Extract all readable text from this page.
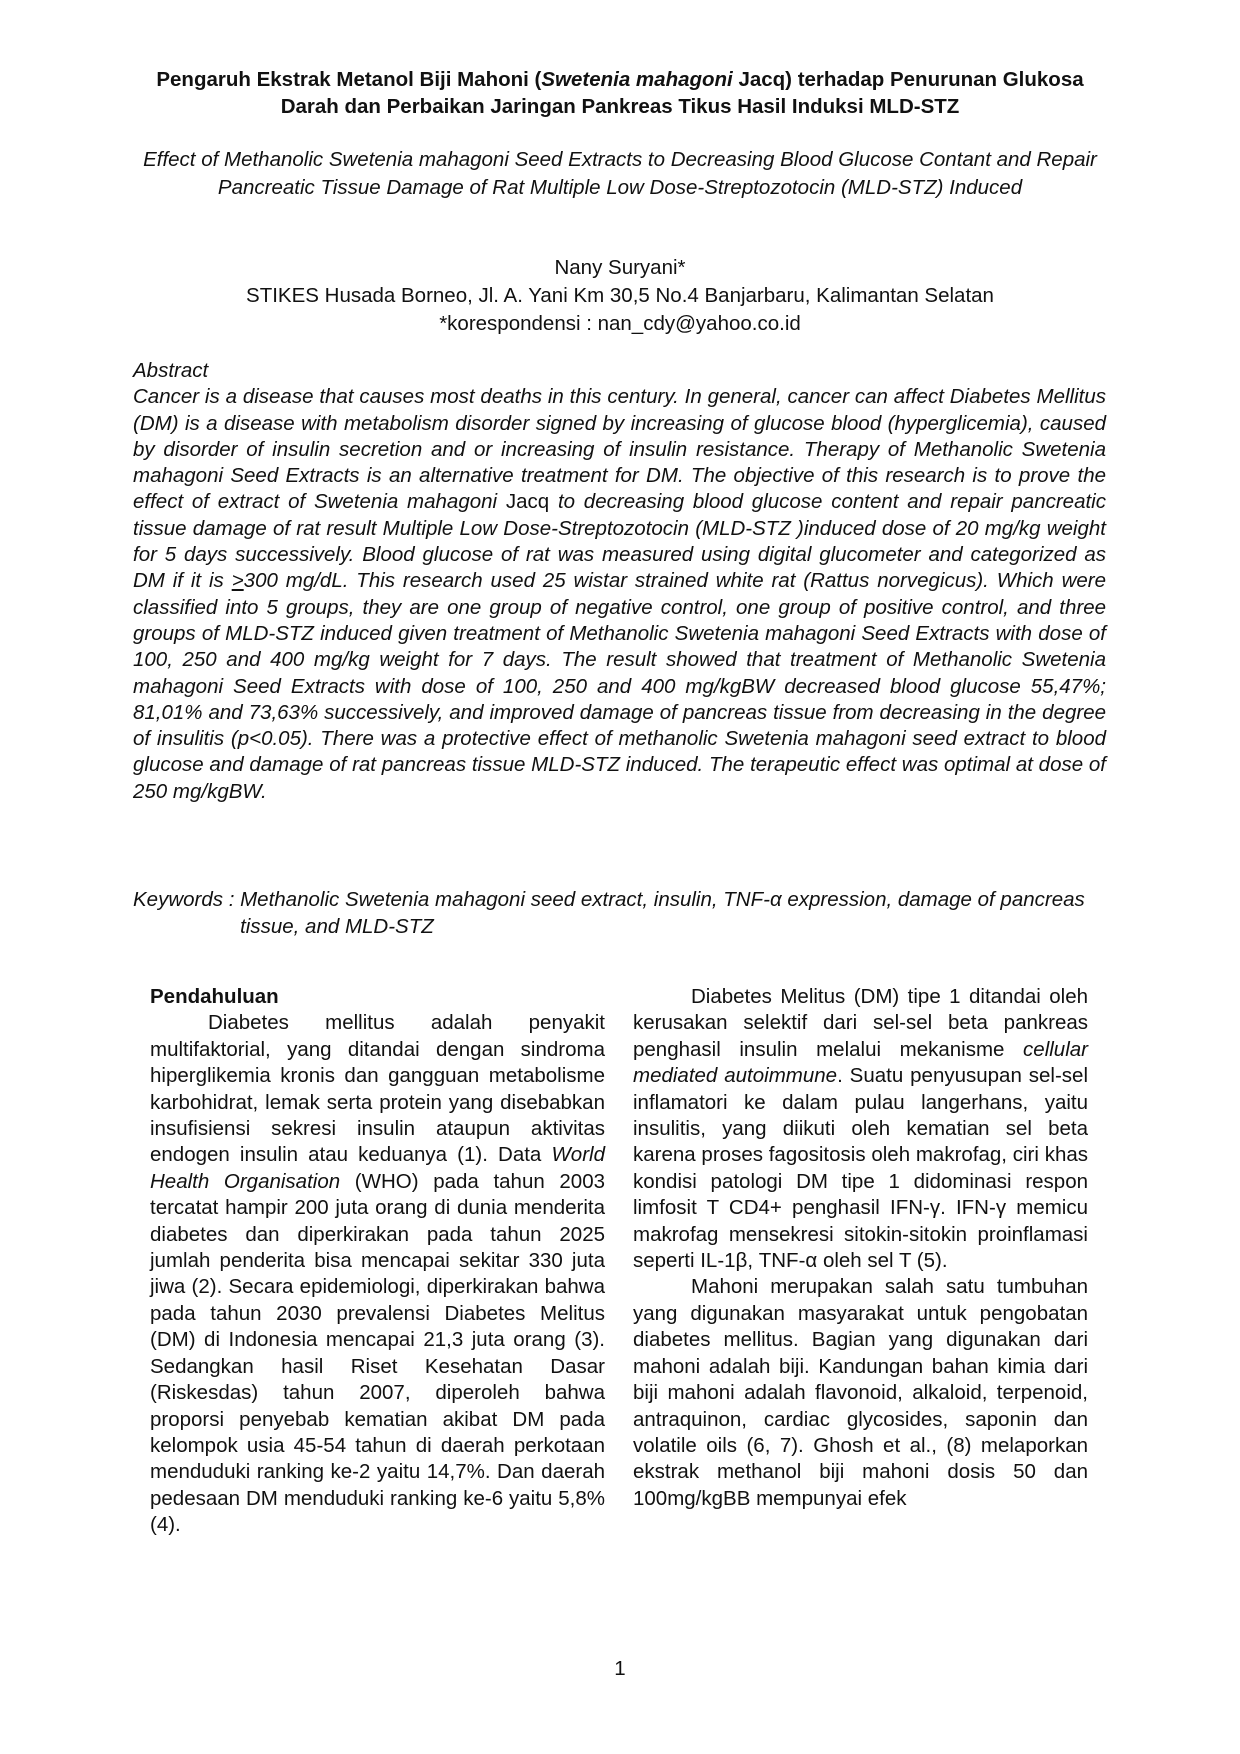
Pengaruh Ekstrak Metanol Biji Mahoni (Swetenia mahagoni Jacq) terhadap Penurunan Glukosa Darah dan Perbaikan Jaringan Pankreas Tikus Hasil Induksi MLD-STZ
Effect of Methanolic Swetenia mahagoni Seed Extracts to Decreasing Blood Glucose Contant and Repair Pancreatic Tissue Damage of Rat Multiple Low Dose-Streptozotocin (MLD-STZ) Induced
Nany Suryani*
STIKES Husada Borneo, Jl. A. Yani Km 30,5 No.4 Banjarbaru, Kalimantan Selatan
*korespondensi : nan_cdy@yahoo.co.id

Abstract

Cancer is a disease that causes most deaths in this century. In general, cancer can affect Diabetes Mellitus (DM) is a disease with metabolism disorder signed by increasing of glucose blood (hyperglicemia), caused by disorder of insulin secretion and or increasing of insulin resistance. Therapy of Methanolic Swetenia mahagoni Seed Extracts is an alternative treatment for DM. The objective of this research is to prove the effect of extract of Swetenia mahagoni Jacq to decreasing blood glucose content and repair pancreatic tissue damage of rat result Multiple Low Dose-Streptozotocin (MLD-STZ )induced dose of 20 mg/kg weight for 5 days successively. Blood glucose of rat was measured using digital glucometer and categorized as DM if it is >300 mg/dL. This research used 25 wistar strained white rat (Rattus norvegicus). Which were classified into 5 groups, they are one group of negative control, one group of positive control, and three groups of MLD-STZ induced given treatment of Methanolic Swetenia mahagoni Seed Extracts with dose of 100, 250 and 400 mg/kg weight for 7 days. The result showed that treatment of Methanolic Swetenia mahagoni Seed Extracts with dose of 100, 250 and 400 mg/kgBW decreased blood glucose 55,47%; 81,01% and 73,63% successively, and improved damage of pancreas tissue from decreasing in the degree of insulitis (p<0.05). There was a protective effect of methanolic Swetenia mahagoni seed extract to blood glucose and damage of rat pancreas tissue MLD-STZ induced. The terapeutic effect was optimal at dose of 250 mg/kgBW.

Keywords : Methanolic Swetenia mahagoni seed extract, insulin, TNF-α expression, damage of pancreas tissue, and MLD-STZ

Pendahuluan

Diabetes mellitus adalah penyakit multifaktorial, yang ditandai dengan sindroma hiperglikemia kronis dan gangguan metabolisme karbohidrat, lemak serta protein yang disebabkan insufisiensi sekresi insulin ataupun aktivitas endogen insulin atau keduanya (1). Data World Health Organisation (WHO) pada tahun 2003 tercatat hampir 200 juta orang di dunia menderita diabetes dan diperkirakan pada tahun 2025 jumlah penderita bisa mencapai sekitar 330 juta jiwa (2). Secara epidemiologi, diperkirakan bahwa pada tahun 2030 prevalensi Diabetes Melitus (DM) di Indonesia mencapai 21,3 juta orang (3). Sedangkan hasil Riset Kesehatan Dasar (Riskesdas) tahun 2007, diperoleh bahwa proporsi penyebab kematian akibat DM pada kelompok usia 45-54 tahun di daerah perkotaan menduduki ranking ke-2 yaitu 14,7%. Dan daerah pedesaan DM menduduki ranking ke-6 yaitu 5,8% (4).

Diabetes Melitus (DM) tipe 1 ditandai oleh kerusakan selektif dari sel-sel beta pankreas penghasil insulin melalui mekanisme cellular mediated autoimmune. Suatu penyusupan sel-sel inflamatori ke dalam pulau langerhans, yaitu insulitis, yang diikuti oleh kematian sel beta karena proses fagositosis oleh makrofag, ciri khas kondisi patologi DM tipe 1 didominasi respon limfosit T CD4+ penghasil IFN-γ. IFN-γ memicu makrofag mensekresi sitokin-sitokin proinflamasi seperti IL-1β, TNF-α oleh sel T (5).

Mahoni merupakan salah satu tumbuhan yang digunakan masyarakat untuk pengobatan diabetes mellitus. Bagian yang digunakan dari mahoni adalah biji. Kandungan bahan kimia dari biji mahoni adalah flavonoid, alkaloid, terpenoid, antraquinon, cardiac glycosides, saponin dan volatile oils (6, 7). Ghosh et al., (8) melaporkan ekstrak methanol biji mahoni dosis 50 dan 100mg/kgBB mempunyai efek

1
